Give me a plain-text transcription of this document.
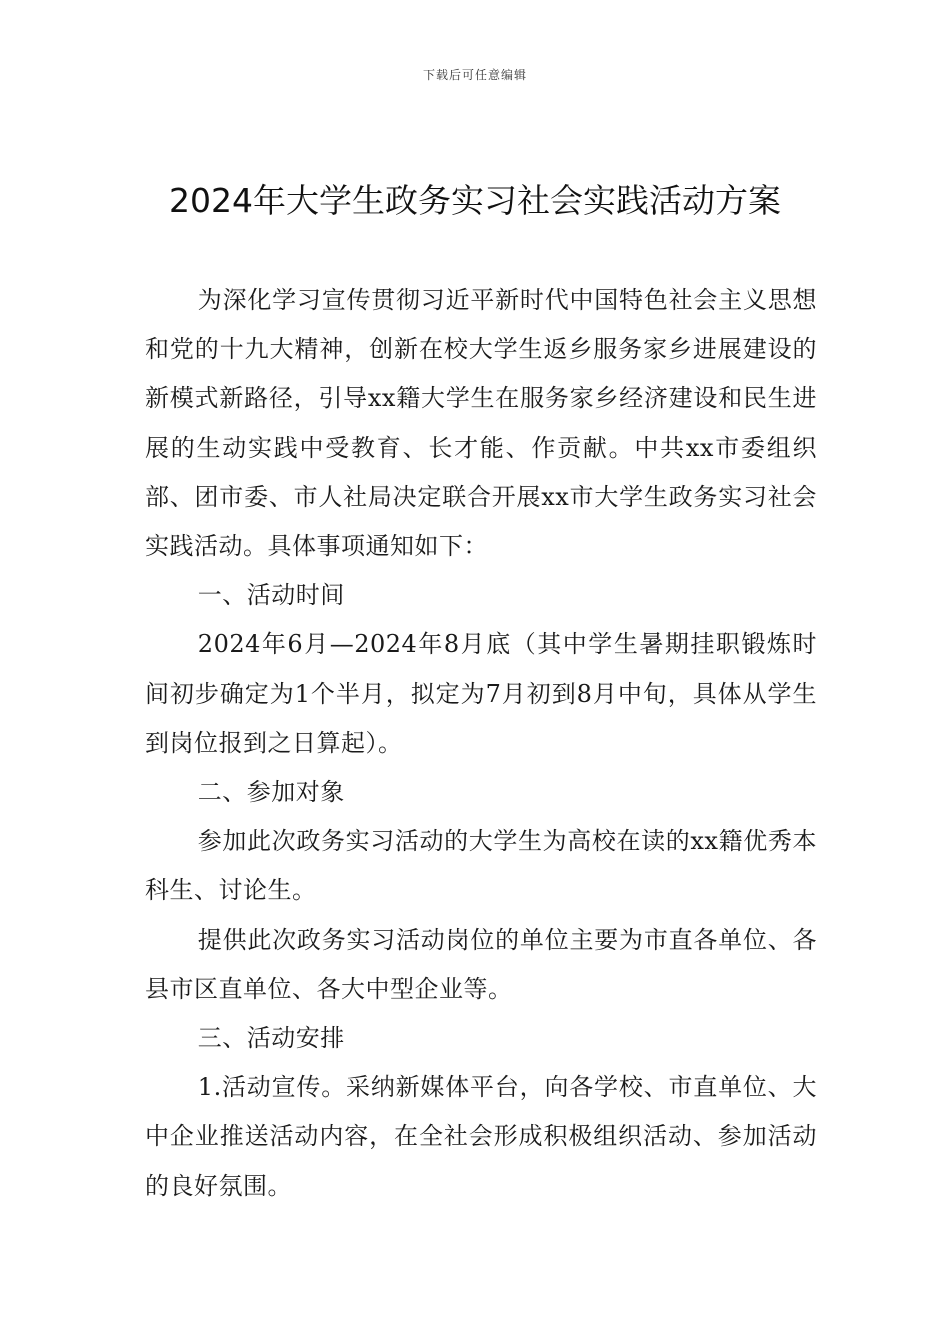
下载后可任意编辑
2024年大学生政务实习社会实践活动方案

为深化学习宣传贯彻习近平新时代中国特色社会主义思想和党的十九大精神，创新在校大学生返乡服务家乡进展建设的新模式新路径，引导xx籍大学生在服务家乡经济建设和民生进展的生动实践中受教育、长才能、作贡献。中共xx市委组织部、团市委、市人社局决定联合开展xx市大学生政务实习社会实践活动。具体事项通知如下：

一、活动时间

2024年6月—2024年8月底（其中学生暑期挂职锻炼时间初步确定为1个半月，拟定为7月初到8月中旬，具体从学生到岗位报到之日算起）。

二、参加对象

参加此次政务实习活动的大学生为高校在读的xx籍优秀本科生、讨论生。

提供此次政务实习活动岗位的单位主要为市直各单位、各县市区直单位、各大中型企业等。

三、活动安排

1.活动宣传。采纳新媒体平台，向各学校、市直单位、大中企业推送活动内容，在全社会形成积极组织活动、参加活动的良好氛围。
